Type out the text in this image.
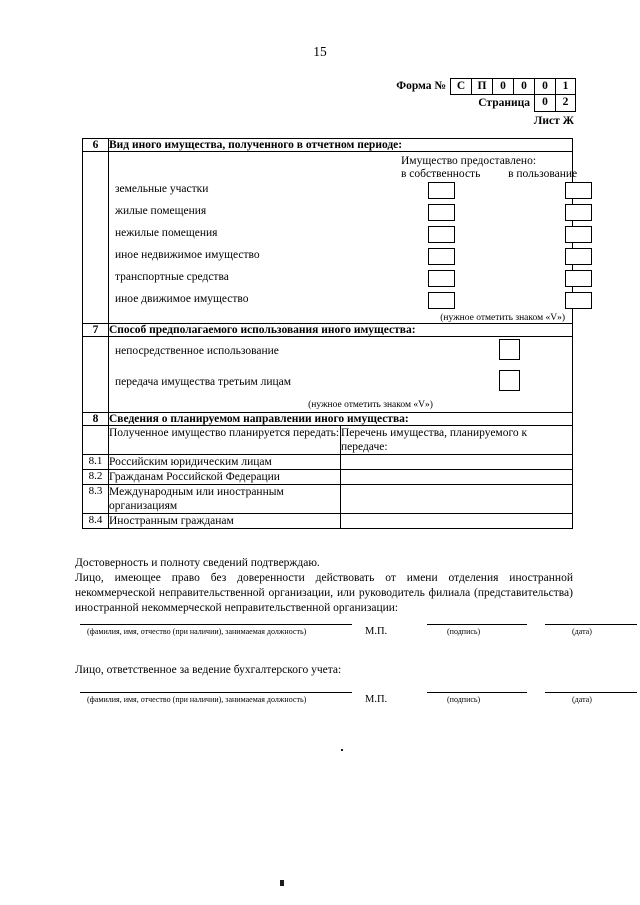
15
Форма № С	П	0	0	0	1
Страница	0	2
Лист Ж
6	Вид иного имущества, полученного в отчетном периоде:	

Имущество предоставлено:
в собственность в пользование
земельные участки
жилые помещения
нежилые помещения
иное недвижимое имущество
транспортные средства
иное движимое имущество
(нужное отметить знаком «V»)

7	Способ предполагаемого использования иного имущества:	

	непосредственное использование
передача имущества третьим лицам
(нужное отметить знаком «V»)	

8	Сведения о планируемом направлении иного имущества:	
	Полученное имущество планируется передать:	Перечень имущества, планируемого к передаче:
8.1	Российским юридическим лицам	
8.2	Гражданам Российской Федерации	
8.3	Международным или иностранным организациям	
8.4	Иностранным гражданам	

Достоверность и полноту сведений подтверждаю.

Лицо, имеющее право без доверенности действовать от имени отделения иностранной некоммерческой неправительственной организации, или руководитель филиала (представительства) иностранной некоммерческой неправительственной организации:

(фамилия, имя, отчество (при наличии), занимаемая должность)	М.П.	(подпись)	(дата)
Лицо, ответственное за ведение бухгалтерского учета:
(фамилия, имя, отчество (при наличии), занимаемая должность)	М.П.	(подпись)	(дата)
